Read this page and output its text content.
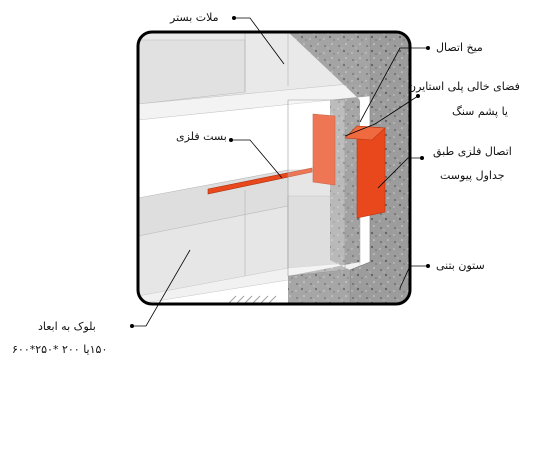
ملات بستر
میخ اتصال
فضای خالی پلی استایرن
یا پشم سنگ
بست فلزی
اتصال فلزی طبق
جداول پیوست
ستون بتنی
بلوک به ابعاد
۱۵۰یا ۲۰۰ *۲۵۰*۶۰۰
